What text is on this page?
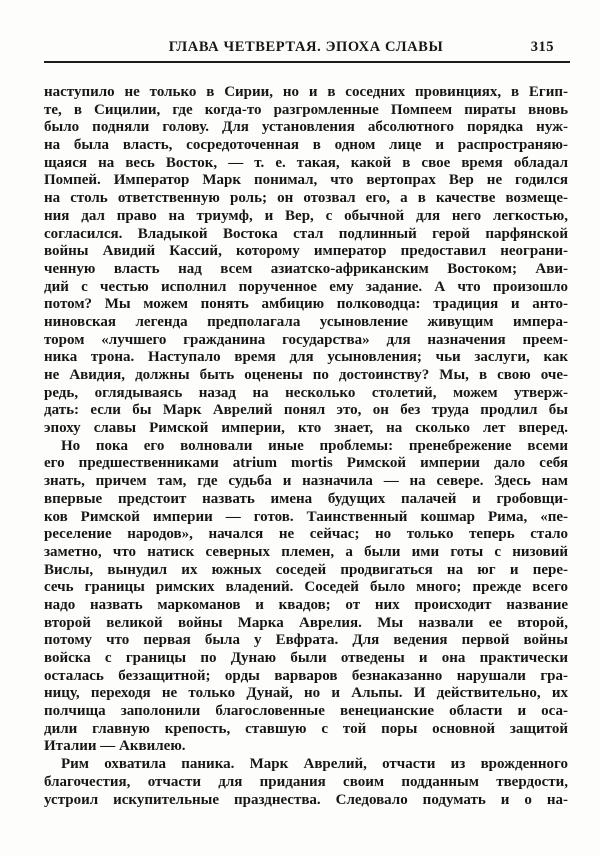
ГЛАВА ЧЕТВЕРТАЯ. ЭПОХА СЛАВЫ	315
наступило не только в Сирии, но и в соседних провинциях, в Егип-
те, в Сицилии, где когда-то разгромленные Помпеем пираты вновь
было подняли голову. Для установления абсолютного порядка нуж-
на была власть, сосредоточенная в одном лице и распространяю-
щаяся на весь Восток, — т. е. такая, какой в свое время обладал
Помпей. Император Марк понимал, что вертопрах Вер не годился
на столь ответственную роль; он отозвал его, а в качестве возмеще-
ния дал право на триумф, и Вер, с обычной для него легкостью,
согласился. Владыкой Востока стал подлинный герой парфянской
войны Авидий Кассий, которому император предоставил неограни-
ченную власть над всем азиатско-африканским Востоком; Ави-
дий с честью исполнил порученное ему задание. А что произошло
потом? Мы можем понять амбицию полководца: традиция и анто-
ниновская легенда предполагала усыновление живущим импера-
тором «лучшего гражданина государства» для назначения преем-
ника трона. Наступало время для усыновления; чьи заслуги, как
не Авидия, должны быть оценены по достоинству? Мы, в свою оче-
редь, оглядываясь назад на несколько столетий, можем утверж-
дать: если бы Марк Аврелий понял это, он без труда продлил бы
эпоху славы Римской империи, кто знает, на сколько лет вперед.
Но пока его волновали иные проблемы: пренебрежение всеми
его предшественниками atrium mortis Римской империи дало себя
знать, причем там, где судьба и назначила — на севере. Здесь нам
впервые предстоит назвать имена будущих палачей и гробовщи-
ков Римской империи — готов. Таинственный кошмар Рима, «пе-
реселение народов», начался не сейчас; но только теперь стало
заметно, что натиск северных племен, а были ими готы с низовий
Вислы, вынудил их южных соседей продвигаться на юг и пере-
сечь границы римских владений. Соседей было много; прежде всего
надо назвать маркоманов и квадов; от них происходит название
второй великой войны Марка Аврелия. Мы назвали ее второй,
потому что первая была у Евфрата. Для ведения первой войны
войска с границы по Дунаю были отведены и она практически
осталась беззащитной; орды варваров безнаказанно нарушали гра-
ницу, переходя не только Дунай, но и Альпы. И действительно, их
полчища заполонили благословенные венецианские области и оса-
дили главную крепость, ставшую с той поры основной защитой
Италии — Аквилею.
Рим охватила паника. Марк Аврелий, отчасти из врожденного
благочестия, отчасти для придания своим подданным твердости,
устроил искупительные празднества. Следовало подумать и о на-
